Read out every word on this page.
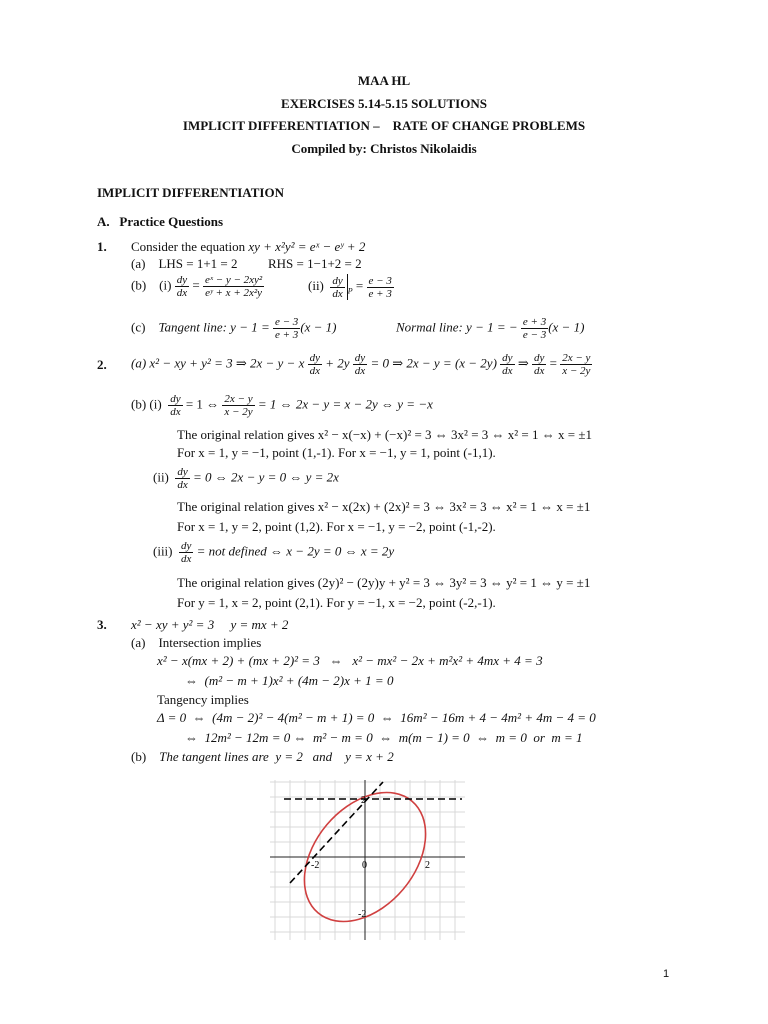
MAA HL
EXERCISES 5.14-5.15 SOLUTIONS
IMPLICIT DIFFERENTIATION –    RATE OF CHANGE PROBLEMS
Compiled by: Christos Nikolaidis
IMPLICIT DIFFERENTIATION
A.   Practice Questions
1. Consider the equation xy + x²y² = eˣ − eʸ + 2
(a) LHS = 1+1 = 2 RHS = 1−1+2 = 2
(b) $(i) \frac{dy}{dx} = \frac{\text{eˣ − y − 2xy²}}{\text{eʸ + x + 2x²y}}$	$(ii) \frac{dy}{dx} _P = \frac{e - 3}{e + 3}$
(c) Tangent line: $y - 1 = \frac{e - 3}{e + 3} (x - 1)$	Normal line: y − 1 = − $\frac{e + 3}{e - 3} (x - 1)$
2. (a) x² − xy + y² = 3 ⇒ 2x − y − x $\frac{dy}{dx} + 2y \frac{dy}{dx} = 0$ ⇒ $2x - y = (x - 2y) \frac{dy}{dx}$ ⇒ $\frac{dy}{dx} = \frac{2x - y}{x - 2y}$
(b) $(i) \frac{dy}{dx} = 1$ ⇔ $\frac{2x - y}{x - 2y} = 1$ ⇔ 2x − y = x − 2y ⇔ y = −x
The original relation gives x² − x(−x) + (−x)² = 3 ⇔ 3x² = 3 ⇔ x² = 1 ⇔ x = ±1
For x = 1, y = −1, point (1,-1). For x = −1, y = 1, point (-1,1).
$(ii) \frac{dy}{dx} = 0$ ⇔ 2x − y = 0 ⇔ y = 2x
The original relation gives x² − x(2x) + (2x)² = 3 ⇔ 3x² = 3 ⇔ x² = 1 ⇔ x = ±1
For x = 1, y = 2, point (1,2). For x = −1, y = −2, point (-1,-2).
$(iii) \frac{dy}{dx}$ = not defined ⇔ x − 2y = 0 ⇔ x = 2y
The original relation gives (2y)² − (2y)y + y² = 3 ⇔ 3y² = 3 ⇔ y² = 1 ⇔ y = ±1
For y = 1, x = 2, point (2,1). For y = −1, x = −2, point (-2,-1).
3. x² − xy + y² = 3     y = mx + 2
(a) Intersection implies
x² − x(mx + 2) + (mx + 2)² = 3   ⇔   x² − mx² − 2x + m²x² + 4mx + 4 = 3
⇔  (m² − m + 1)x² + (4m − 2)x + 1 = 0
Tangency implies
Δ = 0  ⇔  (4m − 2)² − 4(m² − m + 1) = 0  ⇔  16m² − 16m + 4 − 4m² + 4m − 4 = 0
⇔  12m² − 12m = 0 ⇔  m² − m = 0  ⇔  m(m − 1) = 0  ⇔  m = 0  or  m = 1
(b) The tangent lines are  y = 2   and    y = x + 2
2
-2
-2	0	2
1
